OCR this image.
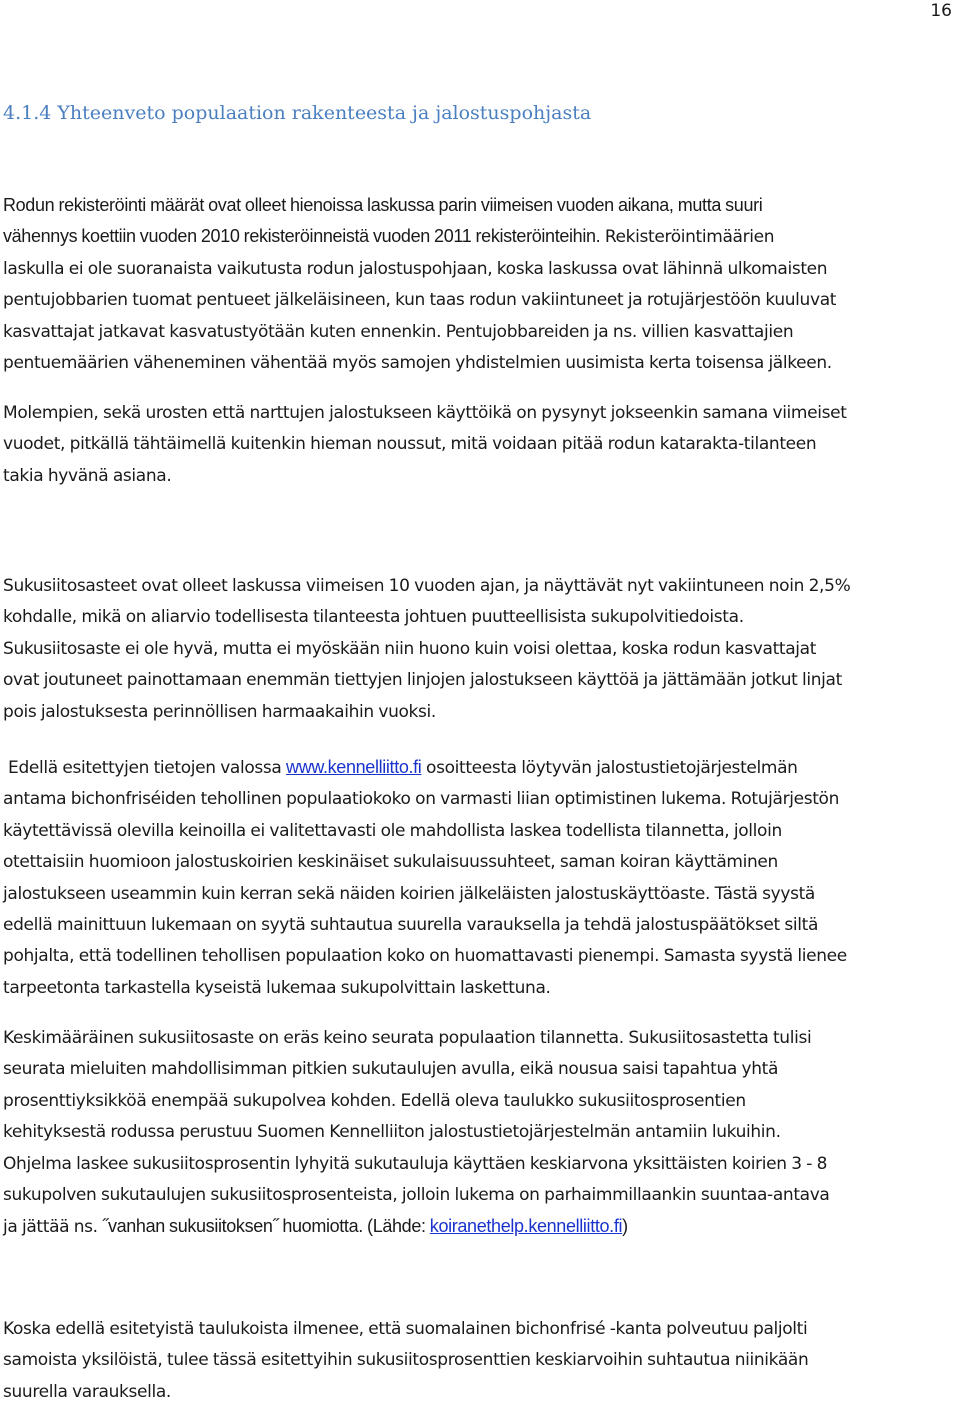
16
4.1.4 Yhteenveto populaation rakenteesta ja jalostuspohjasta
Rodun rekisteröinti määrät ovat olleet hienoissa laskussa parin viimeisen vuoden aikana, mutta suuri
vähennys koettiin vuoden 2010 rekisteröinneistä vuoden 2011 rekisteröinteihin. Rekisteröintimäärien
laskulla ei ole suoranaista vaikutusta rodun jalostuspohjaan, koska laskussa ovat lähinnä ulkomaisten
pentujobbarien tuomat pentueet jälkeläisineen, kun taas rodun vakiintuneet ja rotujärjestöön kuuluvat
kasvattajat jatkavat kasvatustyötään kuten ennenkin. Pentujobbareiden ja ns. villien kasvattajien
pentuemäärien väheneminen vähentää myös samojen yhdistelmien uusimista kerta toisensa jälkeen.
Molempien, sekä urosten että narttujen jalostukseen käyttöikä on pysynyt jokseenkin samana viimeiset
vuodet, pitkällä tähtäimellä kuitenkin hieman noussut, mitä voidaan pitää rodun katarakta-tilanteen
takia hyvänä asiana.
Sukusiitosasteet ovat olleet laskussa viimeisen 10 vuoden ajan, ja näyttävät nyt vakiintuneen noin 2,5%
kohdalle, mikä on aliarvio todellisesta tilanteesta johtuen puutteellisista sukupolvitiedoista.
Sukusiitosaste ei ole hyvä, mutta ei myöskään niin huono kuin voisi olettaa, koska rodun kasvattajat
ovat joutuneet painottamaan enemmän tiettyjen linjojen jalostukseen käyttöä ja jättämään jotkut linjat
pois jalostuksesta perinnöllisen harmaakaihin vuoksi.
Edellä esitettyjen tietojen valossa www.kennelliitto.fi osoitteesta löytyvän jalostustietojärjestelmän
antama bichonfriséiden tehollinen populaatiokoko on varmasti liian optimistinen lukema. Rotujärjestön
käytettävissä olevilla keinoilla ei valitettavasti ole mahdollista laskea todellista tilannetta, jolloin
otettaisiin huomioon jalostuskoirien keskinäiset sukulaisuussuhteet, saman koiran käyttäminen
jalostukseen useammin kuin kerran sekä näiden koirien jälkeläisten jalostuskäyttöaste. Tästä syystä
edellä mainittuun lukemaan on syytä suhtautua suurella varauksella ja tehdä jalostuspäätökset siltä
pohjalta, että todellinen tehollisen populaation koko on huomattavasti pienempi. Samasta syystä lienee
tarpeetonta tarkastella kyseistä lukemaa sukupolvittain laskettuna.
Keskimääräinen sukusiitosaste on eräs keino seurata populaation tilannetta. Sukusiitosastetta tulisi
seurata mieluiten mahdollisimman pitkien sukutaulujen avulla, eikä nousua saisi tapahtua yhtä
prosenttiyksikköä enempää sukupolvea kohden. Edellä oleva taulukko sukusiitosprosentien
kehityksestä rodussa perustuu Suomen Kennelliiton jalostustietojärjestelmän antamiin lukuihin.
Ohjelma laskee sukusiitosprosentin lyhyitä sukutauluja käyttäen keskiarvona yksittäisten koirien 3 - 8
sukupolven sukutaulujen sukusiitosprosenteista, jolloin lukema on parhaimmillaankin suuntaa-antava
ja jättää ns. ˝vanhan sukusiitoksen˝ huomiotta. (Lähde: koiranethelp.kennelliitto.fi)
Koska edellä esitetyistä taulukoista ilmenee, että suomalainen bichonfrisé -kanta polveutuu paljolti
samoista yksilöistä, tulee tässä esitettyihin sukusiitosprosenttien keskiarvoihin suhtautua niinikään
suurella varauksella.
